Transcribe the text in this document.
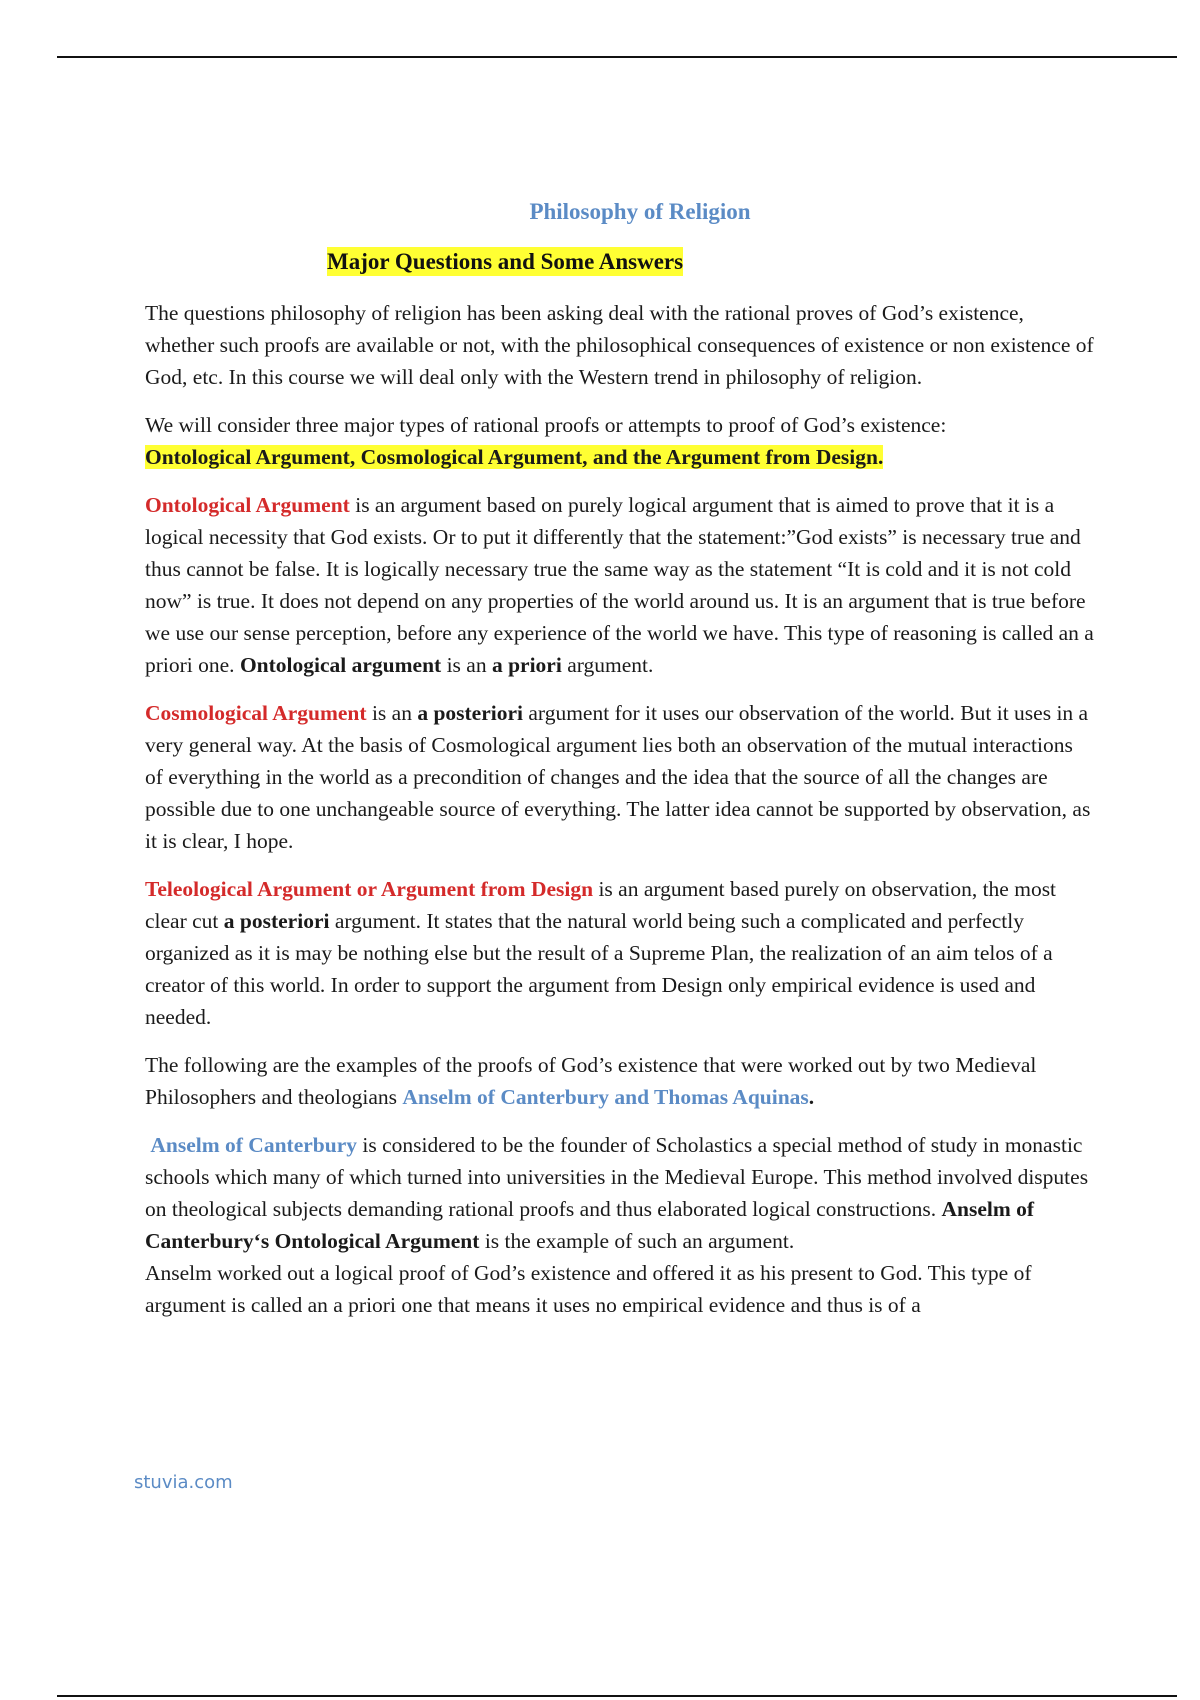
Philosophy of Religion
Major Questions and Some Answers

The questions philosophy of religion has been asking deal with the rational proves of God’s existence, whether such proofs are available or not, with the philosophical consequences of existence or non existence of God, etc. In this course we will deal only with the Western trend in philosophy of religion.

We will consider three major types of rational proofs or attempts to proof of God’s existence:
Ontological Argument, Cosmological Argument, and the Argument from Design.

Ontological Argument is an argument based on purely logical argument that is aimed to prove that it is a logical necessity that God exists. Or to put it differently that the statement:”God exists” is necessary true and thus cannot be false. It is logically necessary true the same way as the statement “It is cold and it is not cold now” is true. It does not depend on any properties of the world around us. It is an argument that is true before we use our sense perception, before any experience of the world we have. This type of reasoning is called an a priori one. Ontological argument is an a priori argument.

Cosmological Argument is an a posteriori argument for it uses our observation of the world. But it uses in a very general way. At the basis of Cosmological argument lies both an observation of the mutual interactions of everything in the world as a precondition of changes and the idea that the source of all the changes are possible due to one unchangeable source of everything. The latter idea cannot be supported by observation, as it is clear, I hope.

Teleological Argument or Argument from Design is an argument based purely on observation, the most clear cut a posteriori argument. It states that the natural world being such a complicated and perfectly organized as it is may be nothing else but the result of a Supreme Plan, the realization of an aim telos of a creator of this world. In order to support the argument from Design only empirical evidence is used and needed.

The following are the examples of the proofs of God’s existence that were worked out by two Medieval Philosophers and theologians Anselm of Canterbury and Thomas Aquinas.

Anselm of Canterbury is considered to be the founder of Scholastics a special method of study in monastic schools which many of which turned into universities in the Medieval Europe. This method involved disputes on theological subjects demanding rational proofs and thus elaborated logical constructions. Anselm of Canterbury‘s Ontological Argument is the example of such an argument.

Anselm worked out a logical proof of God’s existence and offered it as his present to God. This type of argument is called an a priori one that means it uses no empirical evidence and thus is of a

stuvia.com
